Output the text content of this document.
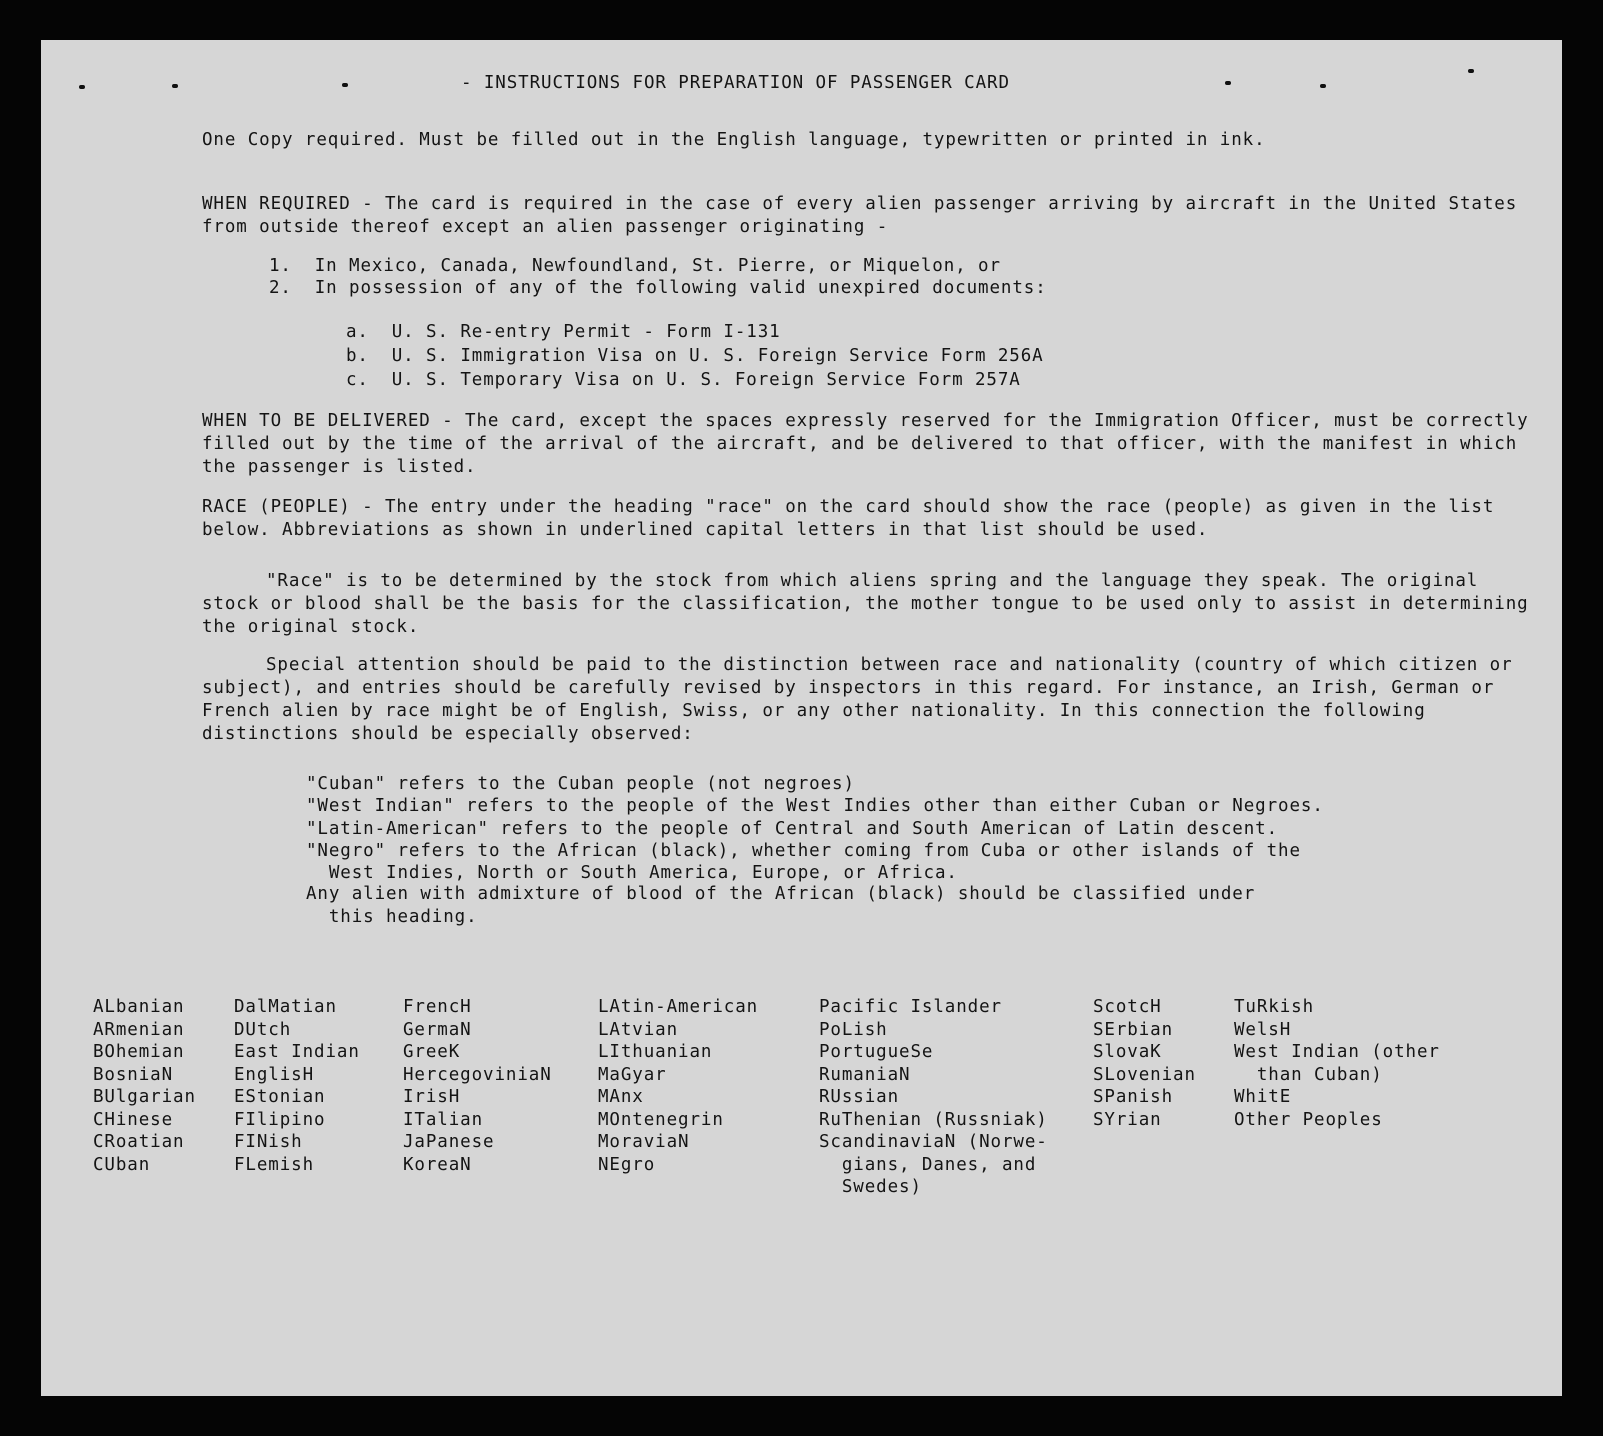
- INSTRUCTIONS FOR PREPARATION OF PASSENGER CARD
One Copy required. Must be filled out in the English language, typewritten or printed in ink.
WHEN REQUIRED - The card is required in the case of every alien passenger arriving by aircraft in the United States from outside thereof except an alien passenger originating -
1. In Mexico, Canada, Newfoundland, St. Pierre, or Miquelon, or
2. In possession of any of the following valid unexpired documents:
a. U. S. Re-entry Permit - Form I-131
b. U. S. Immigration Visa on U. S. Foreign Service Form 256A
c. U. S. Temporary Visa on U. S. Foreign Service Form 257A
WHEN TO BE DELIVERED - The card, except the spaces expressly reserved for the Immigration Officer, must be correctly filled out by the time of the arrival of the aircraft, and be delivered to that officer, with the manifest in which the passenger is listed.
RACE (PEOPLE) - The entry under the heading "race" on the card should show the race (people) as given in the list below. Abbreviations as shown in underlined capital letters in that list should be used.
"Race" is to be determined by the stock from which aliens spring and the language they speak. The original stock or blood shall be the basis for the classification, the mother tongue to be used only to assist in determining the original stock.
Special attention should be paid to the distinction between race and nationality (country of which citizen or subject), and entries should be carefully revised by inspectors in this regard. For instance, an Irish, German or French alien by race might be of English, Swiss, or any other nationality. In this connection the following distinctions should be especially observed:
"Cuban" refers to the Cuban people (not negroes)
"West Indian" refers to the people of the West Indies other than either Cuban or Negroes.
"Latin-American" refers to the people of Central and South American of Latin descent.
"Negro" refers to the African (black), whether coming from Cuba or other islands of the
West Indies, North or South America, Europe, or Africa.
Any alien with admixture of blood of the African (black) should be classified under
this heading.
ALbanian
ARmenian
BOhemian
BosniaN
BUlgarian
CHinese
CRoatian
CUban
DalMatian
DUtch
East Indian
EnglisH
EStonian
FIlipino
FINish
FLemish
FrencH
GermaN
GreeK
HercegoviniaN
IrisH
ITalian
JaPanese
KoreaN
LAtin-American
LAtvian
LIthuanian
MaGyar
MAnx
MOntenegrin
MoraviaN
NEgro
Pacific Islander
PoLish
PortugueSe
RumaniaN
RUssian
RuThenian (Russniak)
ScandinaviaN (Norwe-
gians, Danes, and
Swedes)
ScotcH
SErbian
SlovaK
SLovenian
SPanish
SYrian
TuRkish
WelsH
West Indian (other
than Cuban)
WhitE
Other Peoples
